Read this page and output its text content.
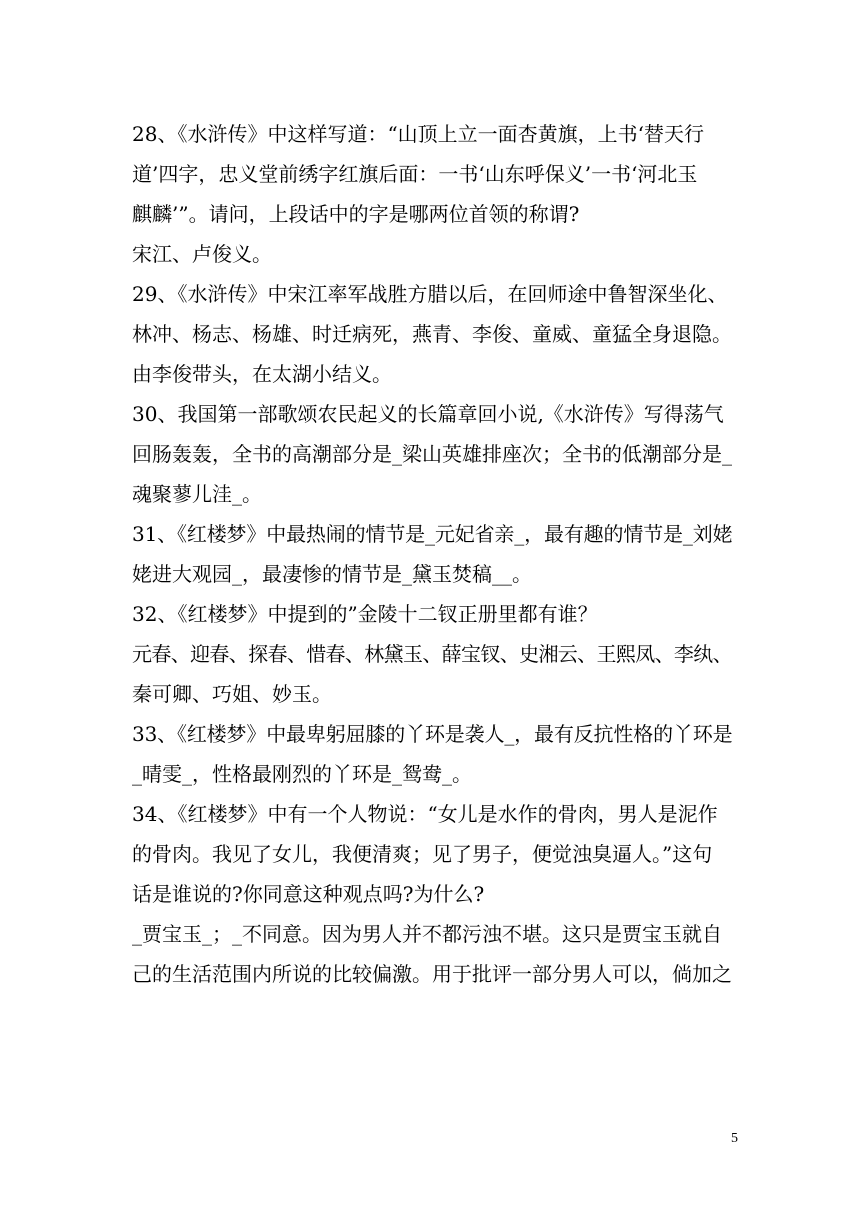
28、《水浒传》中这样写道：“山顶上立一面杏黄旗，上书‘替天行
道’四字，忠义堂前绣字红旗后面：一书‘山东呼保义’一书‘河北玉
麒麟’”。请问，上段话中的字是哪两位首领的称谓?
宋江、卢俊义。
29、《水浒传》中宋江率军战胜方腊以后，在回师途中鲁智深坐化、
林冲、杨志、杨雄、时迁病死，燕青、李俊、童威、童猛全身退隐。
由李俊带头，在太湖小结义。
30、我国第一部歌颂农民起义的长篇章回小说,《水浒传》写得荡气
回肠轰轰，全书的高潮部分是_梁山英雄排座次；全书的低潮部分是_
魂聚蓼儿洼_。
31、《红楼梦》中最热闹的情节是_元妃省亲_，最有趣的情节是_刘姥
姥进大观园_，最凄惨的情节是_黛玉焚稿__。
32、《红楼梦》中提到的”金陵十二钗正册里都有谁？
元春、迎春、探春、惜春、林黛玉、薛宝钗、史湘云、王熙凤、李纨、
秦可卿、巧姐、妙玉。
33、《红楼梦》中最卑躬屈膝的丫环是袭人_，最有反抗性格的丫环是
_晴雯_，性格最刚烈的丫环是_鸳鸯_。
34、《红楼梦》中有一个人物说：“女儿是水作的骨肉，男人是泥作
的骨肉。我见了女儿，我便清爽；见了男子，便觉浊臭逼人。”这句
话是谁说的?你同意这种观点吗?为什么?
_贾宝玉_；_不同意。因为男人并不都污浊不堪。这只是贾宝玉就自
己的生活范围内所说的比较偏激。用于批评一部分男人可以，倘加之
5
